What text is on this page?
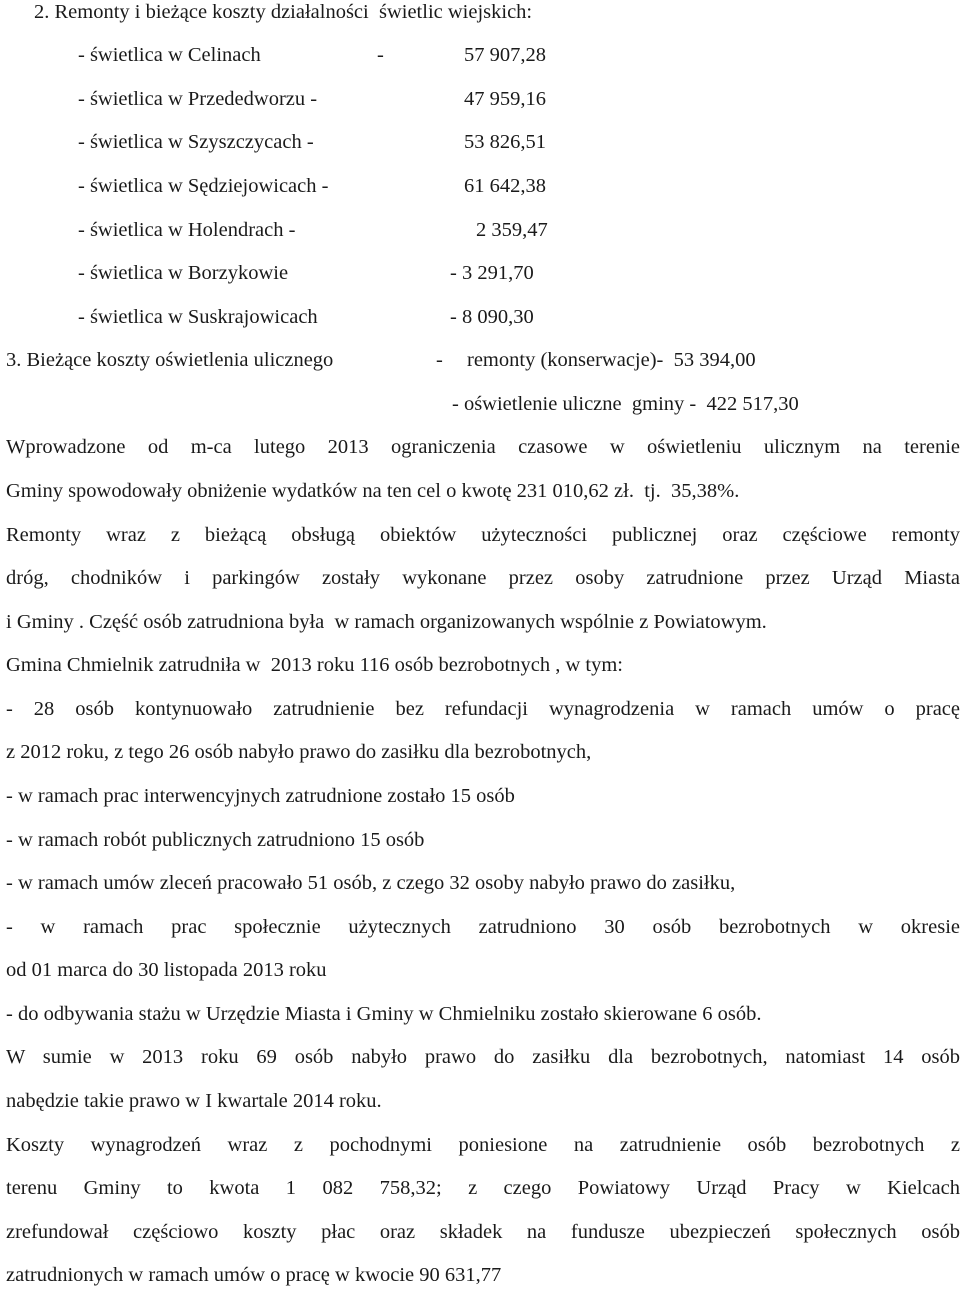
2. Remonty i bieżące koszty działalności  świetlic wiejskich:
- świetlica w Celinach	-	57 907,28
- świetlica w Przededworzu -	47 959,16
- świetlica w Szyszczycach -	53 826,51
- świetlica w Sędziejowicach -	61 642,38
- świetlica w Holendrach -	2 359,47
- świetlica w Borzykowie	- 3 291,70
- świetlica w Suskrajowicach	- 8 090,30
3. Bieżące koszty oświetlenia ulicznego	- remonty (konserwacje)-  53 394,00
- oświetlenie uliczne  gminy -  422 517,30
Wprowadzone od m-ca lutego 2013 ograniczenia czasowe w oświetleniu ulicznym na terenie
Gminy spowodowały obniżenie wydatków na ten cel o kwotę 231 010,62 zł.  tj.  35,38%.
Remonty wraz z bieżącą obsługą obiektów użyteczności publicznej oraz częściowe remonty
dróg, chodników i parkingów zostały wykonane przez osoby zatrudnione przez Urząd Miasta
i Gminy . Część osób zatrudniona była  w ramach organizowanych wspólnie z Powiatowym.
Gmina Chmielnik zatrudniła w  2013 roku 116 osób bezrobotnych , w tym:
- 28 osób kontynuowało zatrudnienie bez refundacji wynagrodzenia w ramach umów o pracę
z 2012 roku, z tego 26 osób nabyło prawo do zasiłku dla bezrobotnych,
- w ramach prac interwencyjnych zatrudnione zostało 15 osób
- w ramach robót publicznych zatrudniono 15 osób
- w ramach umów zleceń pracowało 51 osób, z czego 32 osoby nabyło prawo do zasiłku,
- w ramach prac społecznie użytecznych zatrudniono 30 osób bezrobotnych w okresie
od 01 marca do 30 listopada 2013 roku
- do odbywania stażu w Urzędzie Miasta i Gminy w Chmielniku zostało skierowane 6 osób.
W sumie w 2013 roku 69 osób nabyło prawo do zasiłku dla bezrobotnych, natomiast 14 osób
nabędzie takie prawo w I kwartale 2014 roku.
Koszty wynagrodzeń wraz z pochodnymi poniesione na zatrudnienie osób bezrobotnych z
terenu Gminy to kwota 1 082 758,32; z czego Powiatowy Urząd Pracy w Kielcach
zrefundował częściowo koszty płac oraz składek na fundusze ubezpieczeń społecznych osób
zatrudnionych w ramach umów o pracę w kwocie 90 631,77
